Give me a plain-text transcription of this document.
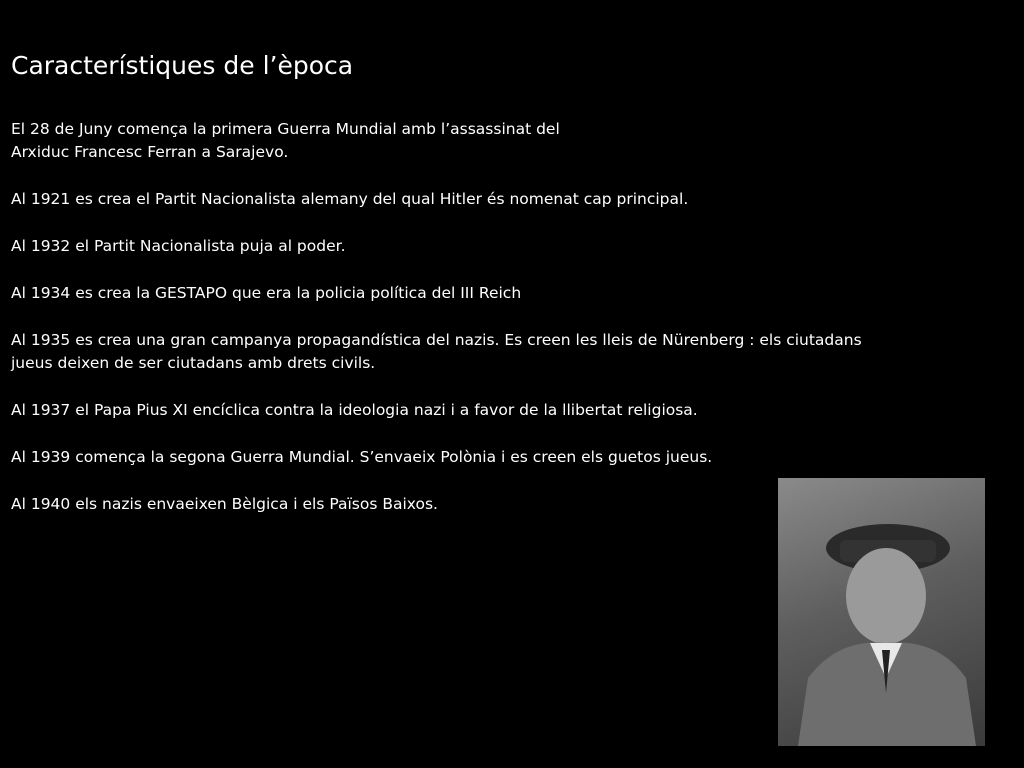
Característiques de l’època

El 28 de Juny comença la primera Guerra Mundial amb l’assassinat del
Arxiduc Francesc Ferran a Sarajevo.

Al 1921 es crea el Partit Nacionalista alemany del qual Hitler és nomenat cap principal.

Al 1932 el Partit Nacionalista puja al poder.

Al 1934 es crea la GESTAPO que era la policia política del III Reich

Al 1935 es crea una gran campanya propagandística del nazis. Es creen les lleis de Nürenberg : els ciutadans
jueus deixen de ser ciutadans amb drets civils.

Al 1937 el Papa Pius XI encíclica contra la ideologia nazi i a favor de la llibertat religiosa.

Al 1939 comença la segona Guerra Mundial. S’envaeix Polònia i es creen els guetos jueus.

Al 1940 els nazis envaeixen Bèlgica i els Països Baixos.
